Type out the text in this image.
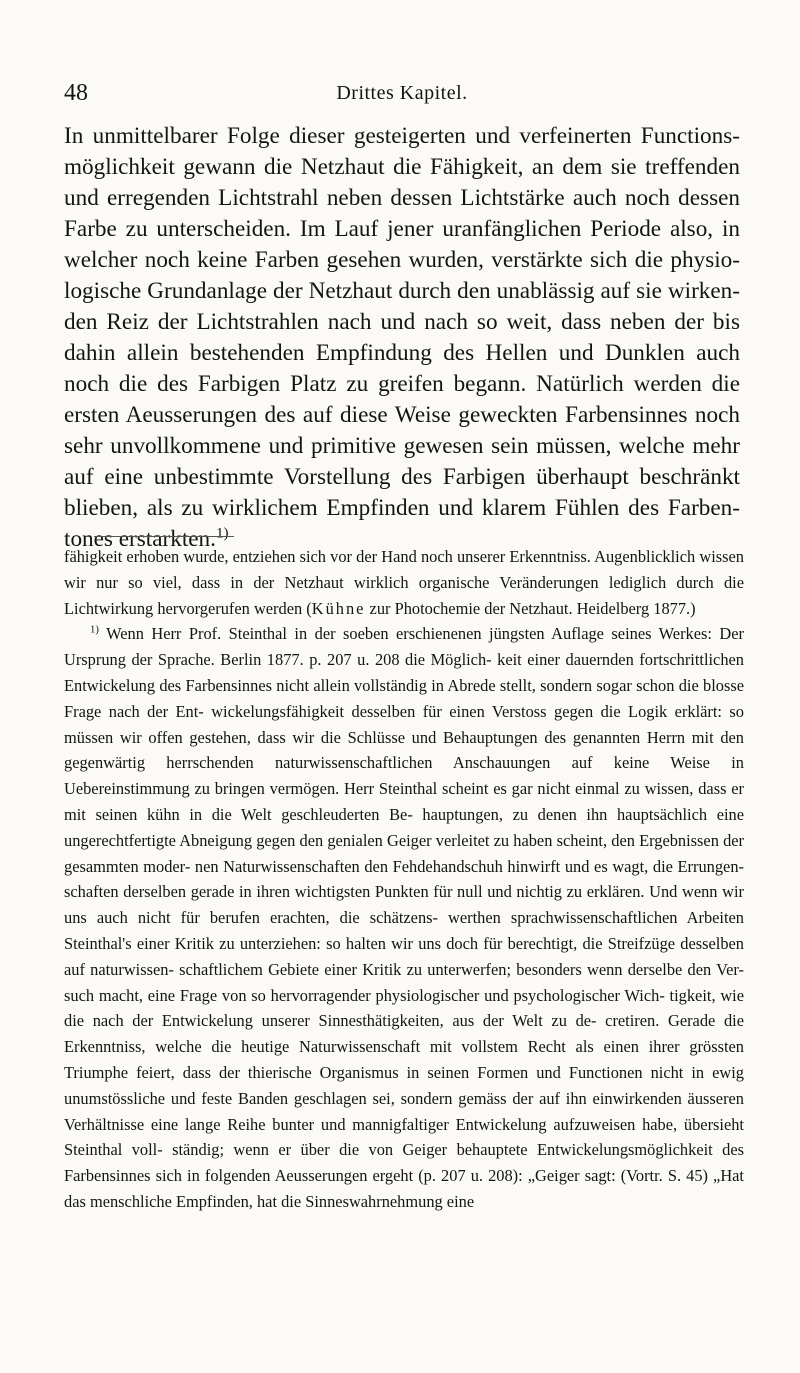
48	Drittes Kapitel.

In unmittelbarer Folge dieser gesteigerten und verfeinerten Functions- möglichkeit gewann die Netzhaut die Fähigkeit, an dem sie treffenden und erregenden Lichtstrahl neben dessen Lichtstärke auch noch dessen Farbe zu unterscheiden. Im Lauf jener uranfänglichen Periode also, in welcher noch keine Farben gesehen wurden, verstärkte sich die physio- logische Grundanlage der Netzhaut durch den unablässig auf sie wirken- den Reiz der Lichtstrahlen nach und nach so weit, dass neben der bis dahin allein bestehenden Empfindung des Hellen und Dunklen auch noch die des Farbigen Platz zu greifen begann. Natürlich werden die ersten Aeusserungen des auf diese Weise geweckten Farbensinnes noch sehr unvollkommene und primitive gewesen sein müssen, welche mehr auf eine unbestimmte Vorstellung des Farbigen überhaupt beschränkt blieben, als zu wirklichem Empfinden und klarem Fühlen des Farben- tones erstarkten.$^{1)}$

fähigkeit erhoben wurde, entziehen sich vor der Hand noch unserer Erkenntniss. Augenblicklich wissen wir nur so viel, dass in der Netzhaut wirklich organische Veränderungen lediglich durch die Lichtwirkung hervorgerufen werden (Kühne zur Photochemie der Netzhaut. Heidelberg 1877.)

$^{1)}$ Wenn Herr Prof. Steinthal in der soeben erschienenen jüngsten Auflage seines Werkes: Der Ursprung der Sprache. Berlin 1877. p. 207 u. 208 die Möglich- keit einer dauernden fortschrittlichen Entwickelung des Farbensinnes nicht allein vollständig in Abrede stellt, sondern sogar schon die blosse Frage nach der Ent- wickelungsfähigkeit desselben für einen Verstoss gegen die Logik erklärt: so müssen wir offen gestehen, dass wir die Schlüsse und Behauptungen des genannten Herrn mit den gegenwärtig herrschenden naturwissenschaftlichen Anschauungen auf keine Weise in Uebereinstimmung zu bringen vermögen. Herr Steinthal scheint es gar nicht einmal zu wissen, dass er mit seinen kühn in die Welt geschleuderten Be- hauptungen, zu denen ihn hauptsächlich eine ungerechtfertigte Abneigung gegen den genialen Geiger verleitet zu haben scheint, den Ergebnissen der gesammten moder- nen Naturwissenschaften den Fehdehandschuh hinwirft und es wagt, die Errungen- schaften derselben gerade in ihren wichtigsten Punkten für null und nichtig zu erklären. Und wenn wir uns auch nicht für berufen erachten, die schätzens- werthen sprachwissenschaftlichen Arbeiten Steinthal's einer Kritik zu unterziehen: so halten wir uns doch für berechtigt, die Streifzüge desselben auf naturwissen- schaftlichem Gebiete einer Kritik zu unterwerfen; besonders wenn derselbe den Ver- such macht, eine Frage von so hervorragender physiologischer und psychologischer Wich- tigkeit, wie die nach der Entwickelung unserer Sinnesthätigkeiten, aus der Welt zu de- cretiren. Gerade die Erkenntniss, welche die heutige Naturwissenschaft mit vollstem Recht als einen ihrer grössten Triumphe feiert, dass der thierische Organismus in seinen Formen und Functionen nicht in ewig unumstössliche und feste Banden geschlagen sei, sondern gemäss der auf ihn einwirkenden äusseren Verhältnisse eine lange Reihe bunter und mannigfaltiger Entwickelung aufzuweisen habe, übersieht Steinthal voll- ständig; wenn er über die von Geiger behauptete Entwickelungsmöglichkeit des Farbensinnes sich in folgenden Aeusserungen ergeht (p. 207 u. 208): „Geiger sagt: (Vortr. S. 45) „Hat das menschliche Empfinden, hat die Sinneswahrnehmung eine
